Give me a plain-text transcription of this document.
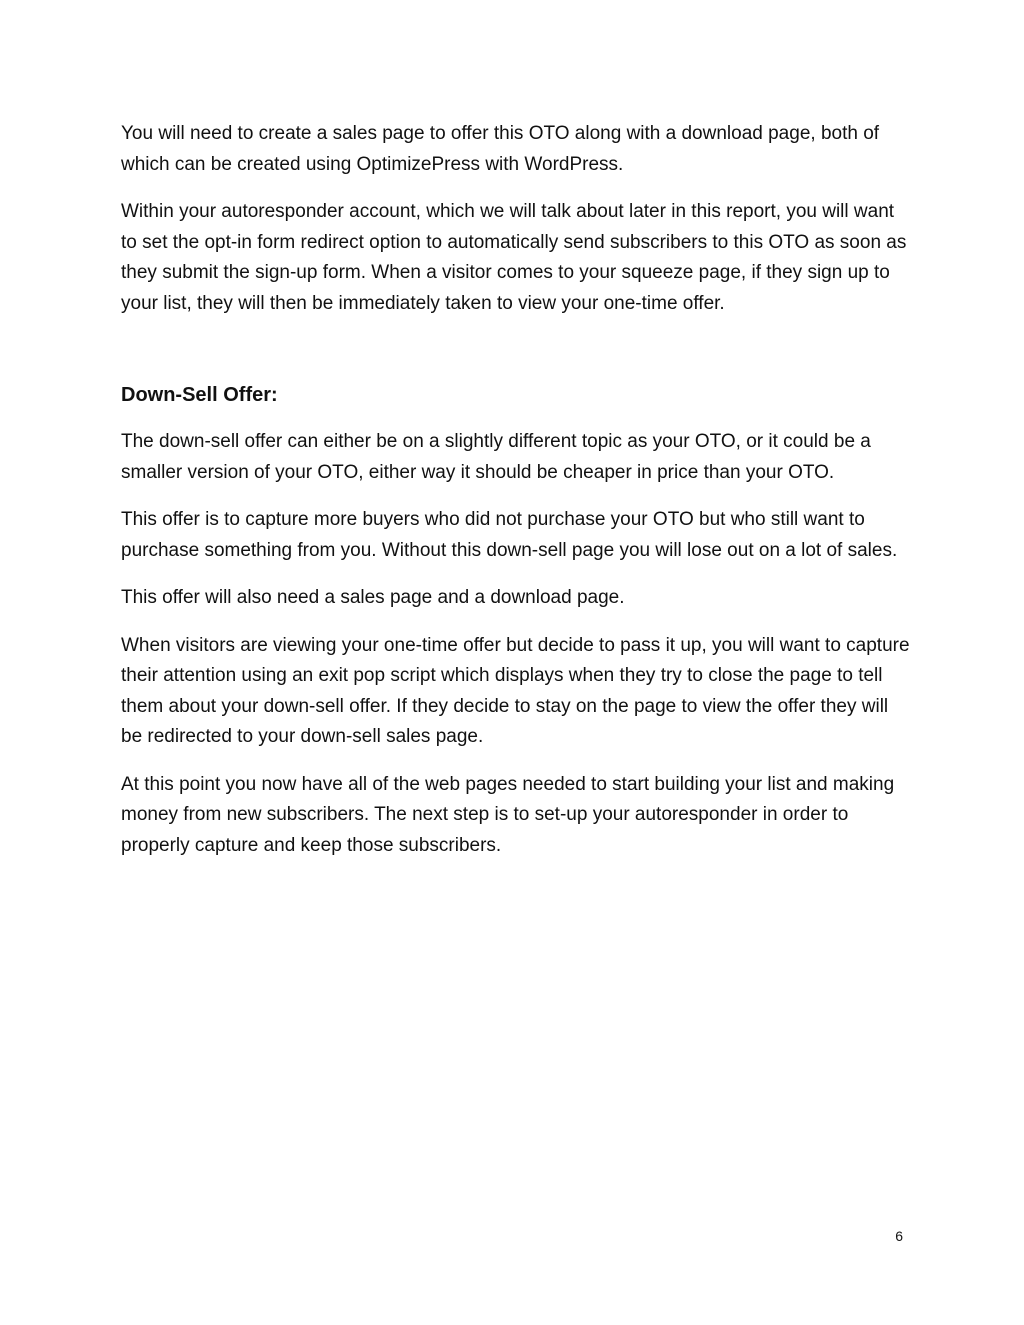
You will need to create a sales page to offer this OTO along with a download page, both of which can be created using OptimizePress with WordPress.

Within your autoresponder account, which we will talk about later in this report, you will want to set the opt-in form redirect option to automatically send subscribers to this OTO as soon as they submit the sign-up form. When a visitor comes to your squeeze page, if they sign up to your list, they will then be immediately taken to view your one-time offer.

Down-Sell Offer:

The down-sell offer can either be on a slightly different topic as your OTO, or it could be a smaller version of your OTO, either way it should be cheaper in price than your OTO.

This offer is to capture more buyers who did not purchase your OTO but who still want to purchase something from you. Without this down-sell page you will lose out on a lot of sales.

This offer will also need a sales page and a download page.

When visitors are viewing your one-time offer but decide to pass it up, you will want to capture their attention using an exit pop script which displays when they try to close the page to tell them about your down-sell offer. If they decide to stay on the page to view the offer they will be redirected to your down-sell sales page.

At this point you now have all of the web pages needed to start building your list and making money from new subscribers. The next step is to set-up your autoresponder in order to properly capture and keep those subscribers.

6
